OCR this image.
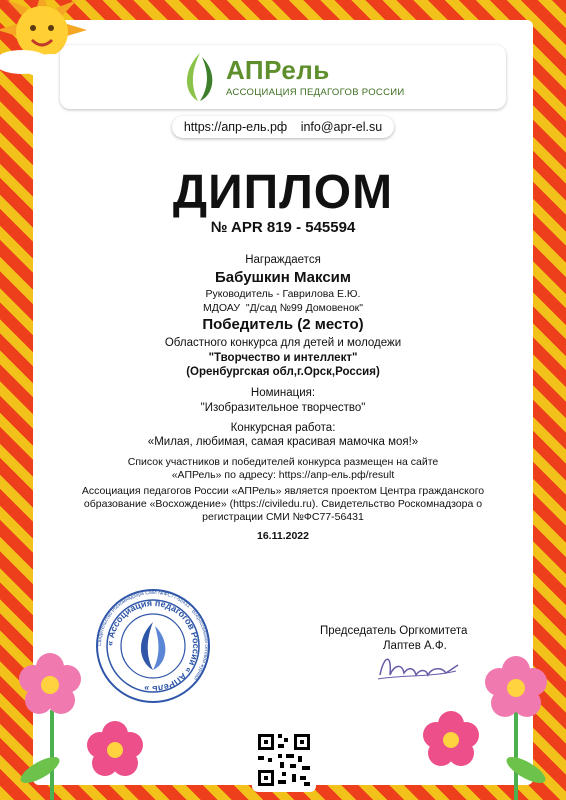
АПРель
АССОЦИАЦИЯ ПЕДАГОГОВ РОССИИ
https://апр-ель.рф info@apr-el.su
ДИПЛОМ
№ APR 819 - 545594
Награждается
Бабушкин Максим
Руководитель - Гаврилова Е.Ю.
МДОАУ  "Д/сад №99 Домовенок"
Победитель (2 место)
Областного конкурса для детей и молодежи
"Творчество и интеллект"
(Оренбургская обл,г.Орск,Россия)
Номинация:
"Изобразительное творчество"
Конкурсная работа:
«Милая, любимая, самая красивая мамочка моя!»
Список участников и победителей конкурса размещен на сайте
«АПРель» по адресу: https://апр-ель.рф/result
Ассоциация педагогов России «АПРель» является проектом Центра гражданского
образование «Восхождение» (https://civiledu.ru). Свидетельство Роскомнадзора о
регистрации СМИ №ФС77-56431
16.11.2022
Свидетельство Роскомнадзора СМИ №ФС77-56431 · Всероссийский сетевой журнал
« Ассоциация педагогов России « АПРель »
Председатель Оргкомитета
Лаптев А.Ф.
